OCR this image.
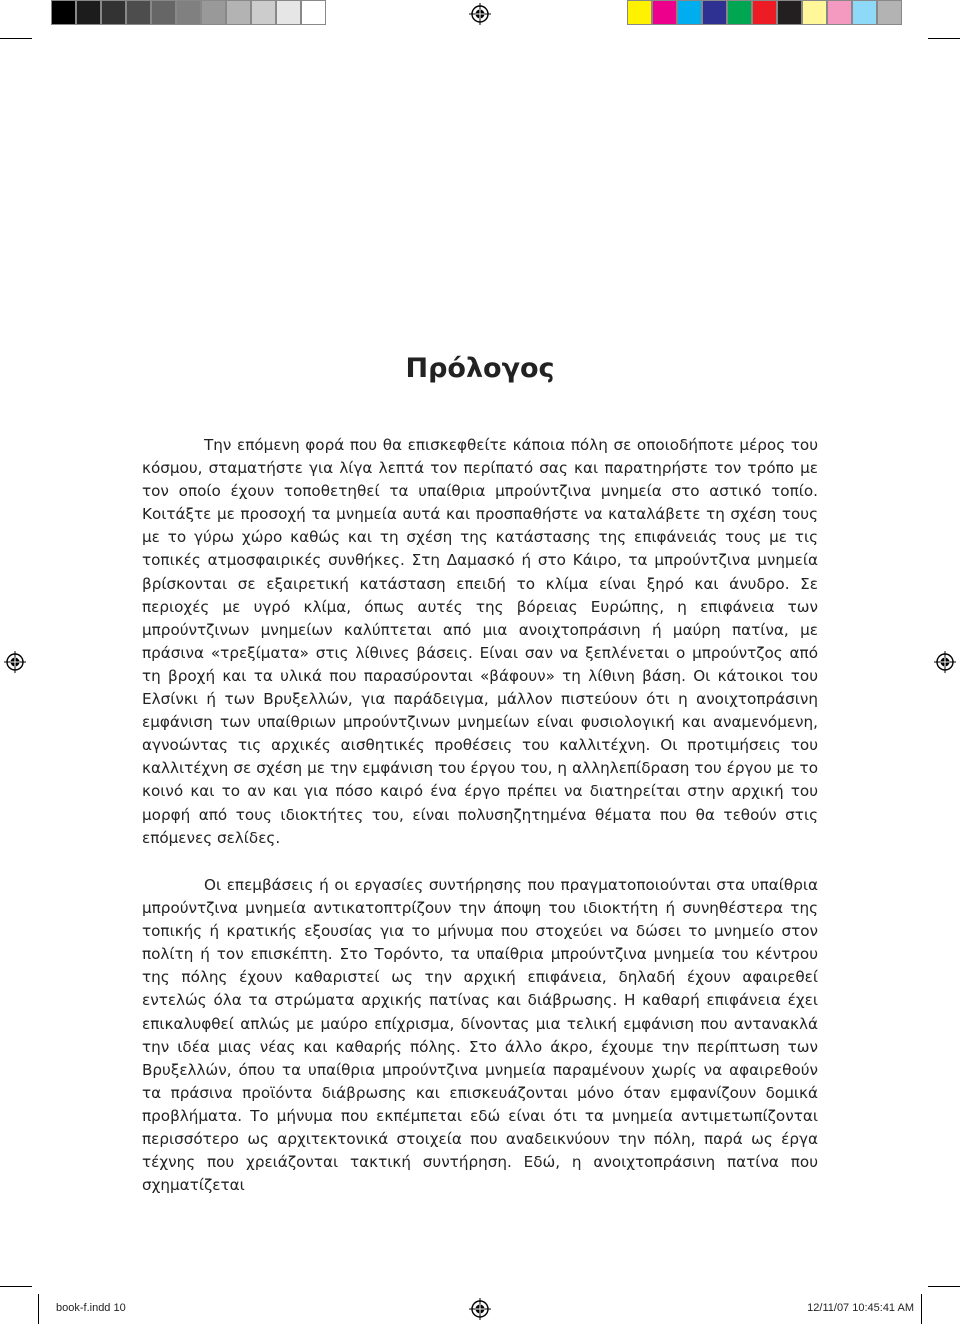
Πρόλογος
Την επόμενη φορά που θα επισκεφθείτε κάποια πόλη σε οποιοδήποτε μέρος του κόσμου, σταματήστε για λίγα λεπτά τον περίπατό σας και παρατηρήστε τον τρόπο με τον οποίο έχουν τοποθετηθεί τα υπαίθρια μπρούντζινα μνημεία στο αστικό τοπίο. Κοιτάξτε με προσοχή τα μνημεία αυτά και προσπαθήστε να καταλάβετε τη σχέση τους με το γύρω χώρο καθώς και τη σχέση της κατάστασης της επιφάνειάς τους με τις τοπικές ατμοσφαιρικές συνθήκες. Στη Δαμασκό ή στο Κάιρο, τα μπρούντζινα μνημεία βρίσκονται σε εξαιρετική κατάσταση επειδή το κλίμα είναι ξηρό και άνυδρο. Σε περιοχές με υγρό κλίμα, όπως αυτές της βόρειας Ευρώπης, η επιφάνεια των μπρούντζινων μνημείων καλύπτεται από μια ανοιχτοπράσινη ή μαύρη πατίνα, με πράσινα «τρεξίματα» στις λίθινες βάσεις. Είναι σαν να ξεπλένεται ο μπρούντζος από τη βροχή και τα υλικά που παρασύρονται «βάφουν» τη λίθινη βάση. Οι κάτοικοι του Ελσίνκι ή των Βρυξελλών, για παράδειγμα, μάλλον πιστεύουν ότι η ανοιχτοπράσινη εμφάνιση των υπαίθριων μπρούντζινων μνημείων είναι φυσιολογική και αναμενόμενη, αγνοώντας τις αρχικές αισθητικές προθέσεις του καλλιτέχνη. Οι προτιμήσεις του καλλιτέχνη σε σχέση με την εμφάνιση του έργου του, η αλληλεπίδραση του έργου με το κοινό και το αν και για πόσο καιρό ένα έργο πρέπει να διατηρείται στην αρχική του μορφή από τους ιδιοκτήτες του, είναι πολυσηζητημένα θέματα που θα τεθούν στις επόμενες σελίδες.
Οι επεμβάσεις ή οι εργασίες συντήρησης που πραγματοποιούνται στα υπαίθρια μπρούντζινα μνημεία αντικατοπτρίζουν την άποψη του ιδιοκτήτη ή συνηθέστερα της τοπικής ή κρατικής εξουσίας για το μήνυμα που στοχεύει να δώσει το μνημείο στον πολίτη ή τον επισκέπτη. Στο Τορόντο, τα υπαίθρια μπρούντζινα μνημεία του κέντρου της πόλης έχουν καθαριστεί ως την αρχική επιφάνεια, δηλαδή έχουν αφαιρεθεί εντελώς όλα τα στρώματα αρχικής πατίνας και διάβρωσης. Η καθαρή επιφάνεια έχει επικαλυφθεί απλώς με μαύρο επίχρισμα, δίνοντας μια τελική εμφάνιση που αντανακλά την ιδέα μιας νέας και καθαρής πόλης. Στο άλλο άκρο, έχουμε την περίπτωση των Βρυξελλών, όπου τα υπαίθρια μπρούντζινα μνημεία παραμένουν χωρίς να αφαιρεθούν τα πράσινα προϊόντα διάβρωσης και επισκευάζονται μόνο όταν εμφανίζουν δομικά προβλήματα. Το μήνυμα που εκπέμπεται εδώ είναι ότι τα μνημεία αντιμετωπίζονται περισσότερο ως αρχιτεκτονικά στοιχεία που αναδεικνύουν την πόλη, παρά ως έργα τέχνης που χρειάζονται τακτική συντήρηση. Εδώ, η ανοιχτοπράσινη πατίνα που σχηματίζεται
book-f.indd 10	12/11/07 10:45:41 AM
